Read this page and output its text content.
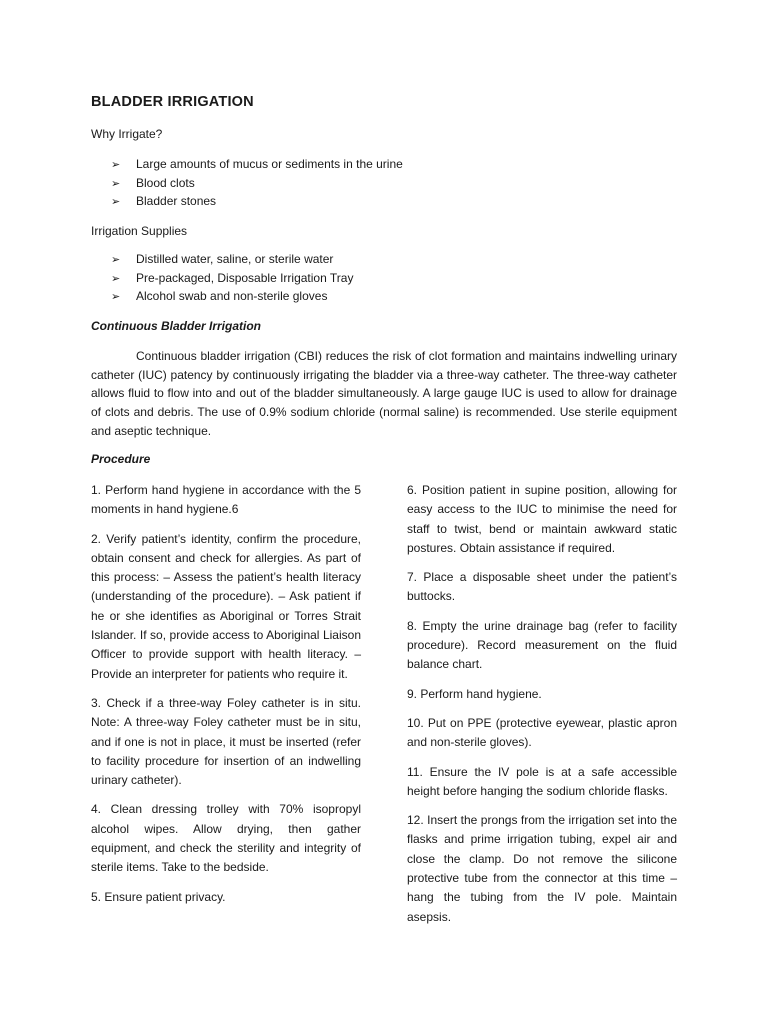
BLADDER IRRIGATION
Why Irrigate?
➢ Large amounts of mucus or sediments in the urine
➢ Blood clots
➢ Bladder stones
Irrigation Supplies
➢ Distilled water, saline, or sterile water
➢ Pre-packaged, Disposable Irrigation Tray
➢ Alcohol swab and non-sterile gloves
Continuous Bladder Irrigation

Continuous bladder irrigation (CBI) reduces the risk of clot formation and maintains indwelling urinary catheter (IUC) patency by continuously irrigating the bladder via a three-way catheter. The three-way catheter allows fluid to flow into and out of the bladder simultaneously. A large gauge IUC is used to allow for drainage of clots and debris. The use of 0.9% sodium chloride (normal saline) is recommended. Use sterile equipment and aseptic technique.

Procedure

1. Perform hand hygiene in accordance with the 5 moments in hand hygiene.6

2. Verify patient’s identity, confirm the procedure, obtain consent and check for allergies. As part of this process: – Assess the patient’s health literacy (understanding of the procedure). – Ask patient if he or she identifies as Aboriginal or Torres Strait Islander. If so, provide access to Aboriginal Liaison Officer to provide support with health literacy. – Provide an interpreter for patients who require it.

3. Check if a three-way Foley catheter is in situ. Note: A three-way Foley catheter must be in situ, and if one is not in place, it must be inserted (refer to facility procedure for insertion of an indwelling urinary catheter).

4. Clean dressing trolley with 70% isopropyl alcohol wipes. Allow drying, then gather equipment, and check the sterility and integrity of sterile items. Take to the bedside.

5. Ensure patient privacy.

6. Position patient in supine position, allowing for easy access to the IUC to minimise the need for staff to twist, bend or maintain awkward static postures. Obtain assistance if required.

7. Place a disposable sheet under the patient’s buttocks.

8. Empty the urine drainage bag (refer to facility procedure). Record measurement on the fluid balance chart.

9. Perform hand hygiene.

10. Put on PPE (protective eyewear, plastic apron and non-sterile gloves).

11. Ensure the IV pole is at a safe accessible height before hanging the sodium chloride flasks.

12. Insert the prongs from the irrigation set into the flasks and prime irrigation tubing, expel air and close the clamp. Do not remove the silicone protective tube from the connector at this time – hang the tubing from the IV pole. Maintain asepsis.
